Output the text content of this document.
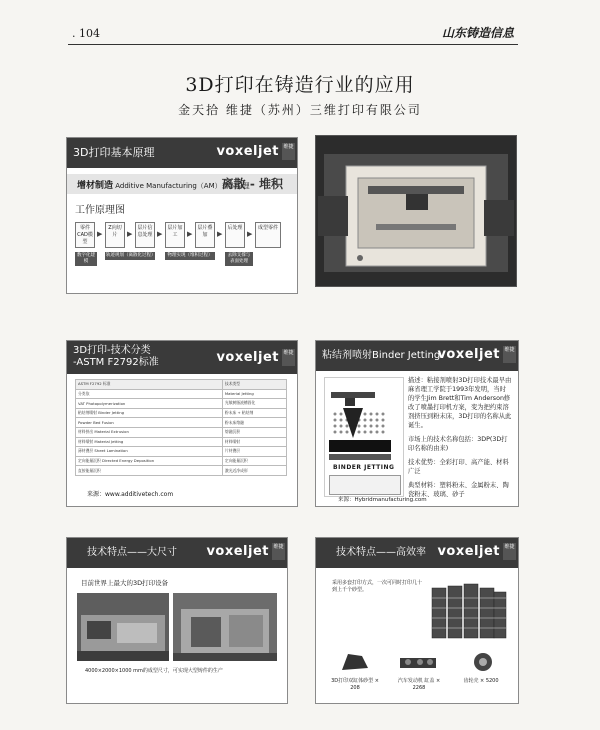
. 104	山东铸造信息
3D打印在铸造行业的应用
金天拾 维捷（苏州）三维打印有限公司
3D打印基本原理	voxeljet 维捷
增材制造 Additive Manufacturing（AM）基本原理
离散 - 堆积
工作原理图
零件CAD模型
▶
Z向切片	▶
层片信息处理 ▶
层片加工	▶
层片叠加	▶
后处理
▶
成型零件
数字化建模
轨迹规划（离散化过程）	物理实现（堆积过程）	去除支撑与表面处理
3D打印-技术分类
-ASTM F2792标准	voxeljet 维捷
ASTM F2792 标准	技术类型
分类依	Material Jetting
VAT Photopolymerization	光敏树脂液槽固化
粘结剂喷射 Binder Jetting	粉末床 + 粘结剂
Powder Bed Fusion	粉末床熔融
材料挤出 Material Extrusion	熔融沉积
材料喷射 Material Jetting	材料喷射
薄材叠层 Sheet Lamination	片材叠层
定向能量沉积 Directed Energy Deposition	定向能量沉积
直接能量沉积	激光近净成形
来源：www.additivetech.com
粘结剂喷射Binder Jetting
voxeljet 维捷
BINDER JETTING

描述：粘接剂喷射3D打印技术最早由麻省理工学院于1993年发明，当时的学生Jim Brett和Tim Anderson修改了喷墨打印机方案，变为把约束溶剂挤压到粉末床，3D打印的名称从此诞生。

市场上的技术名称包括：3DP(3D打印名称的由来)

技术优势：全彩打印、高产能、材料广泛

典型材料：塑料粉末、金属粉末、陶瓷粉末、玻璃、砂子

来源：Hybridmanufacturing.com
技术特点——大尺寸 voxeljet 维捷
目前世界上最大的3D打印设备
4000×2000×1000 mm的成型尺寸，可实现大型铸件的生产
技术特点——高效率 voxeljet 维捷
采用多套打印方式，一次可同时打印几十到上千个砂型。
3D打印双缸体砂型 × 208
汽车发动机 缸盖 × 2268
齿轮壳 × 5200
